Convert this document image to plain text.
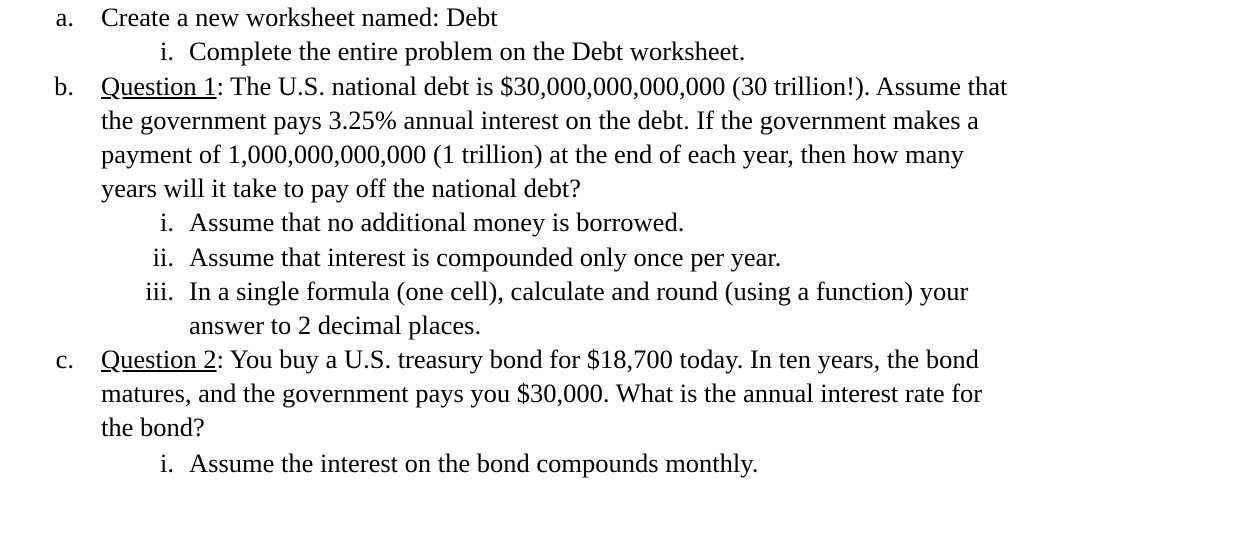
a. Create a new worksheet named: Debt
i. Complete the entire problem on the Debt worksheet.
b. Question 1: The U.S. national debt is $30,000,000,000,000 (30 trillion!). Assume that
the government pays 3.25% annual interest on the debt. If the government makes a
payment of 1,000,000,000,000 (1 trillion) at the end of each year, then how many
years will it take to pay off the national debt?
i. Assume that no additional money is borrowed.
ii. Assume that interest is compounded only once per year.
iii. In a single formula (one cell), calculate and round (using a function) your
answer to 2 decimal places.
c. Question 2: You buy a U.S. treasury bond for $18,700 today. In ten years, the bond
matures, and the government pays you $30,000. What is the annual interest rate for
the bond?
i. Assume the interest on the bond compounds monthly.
